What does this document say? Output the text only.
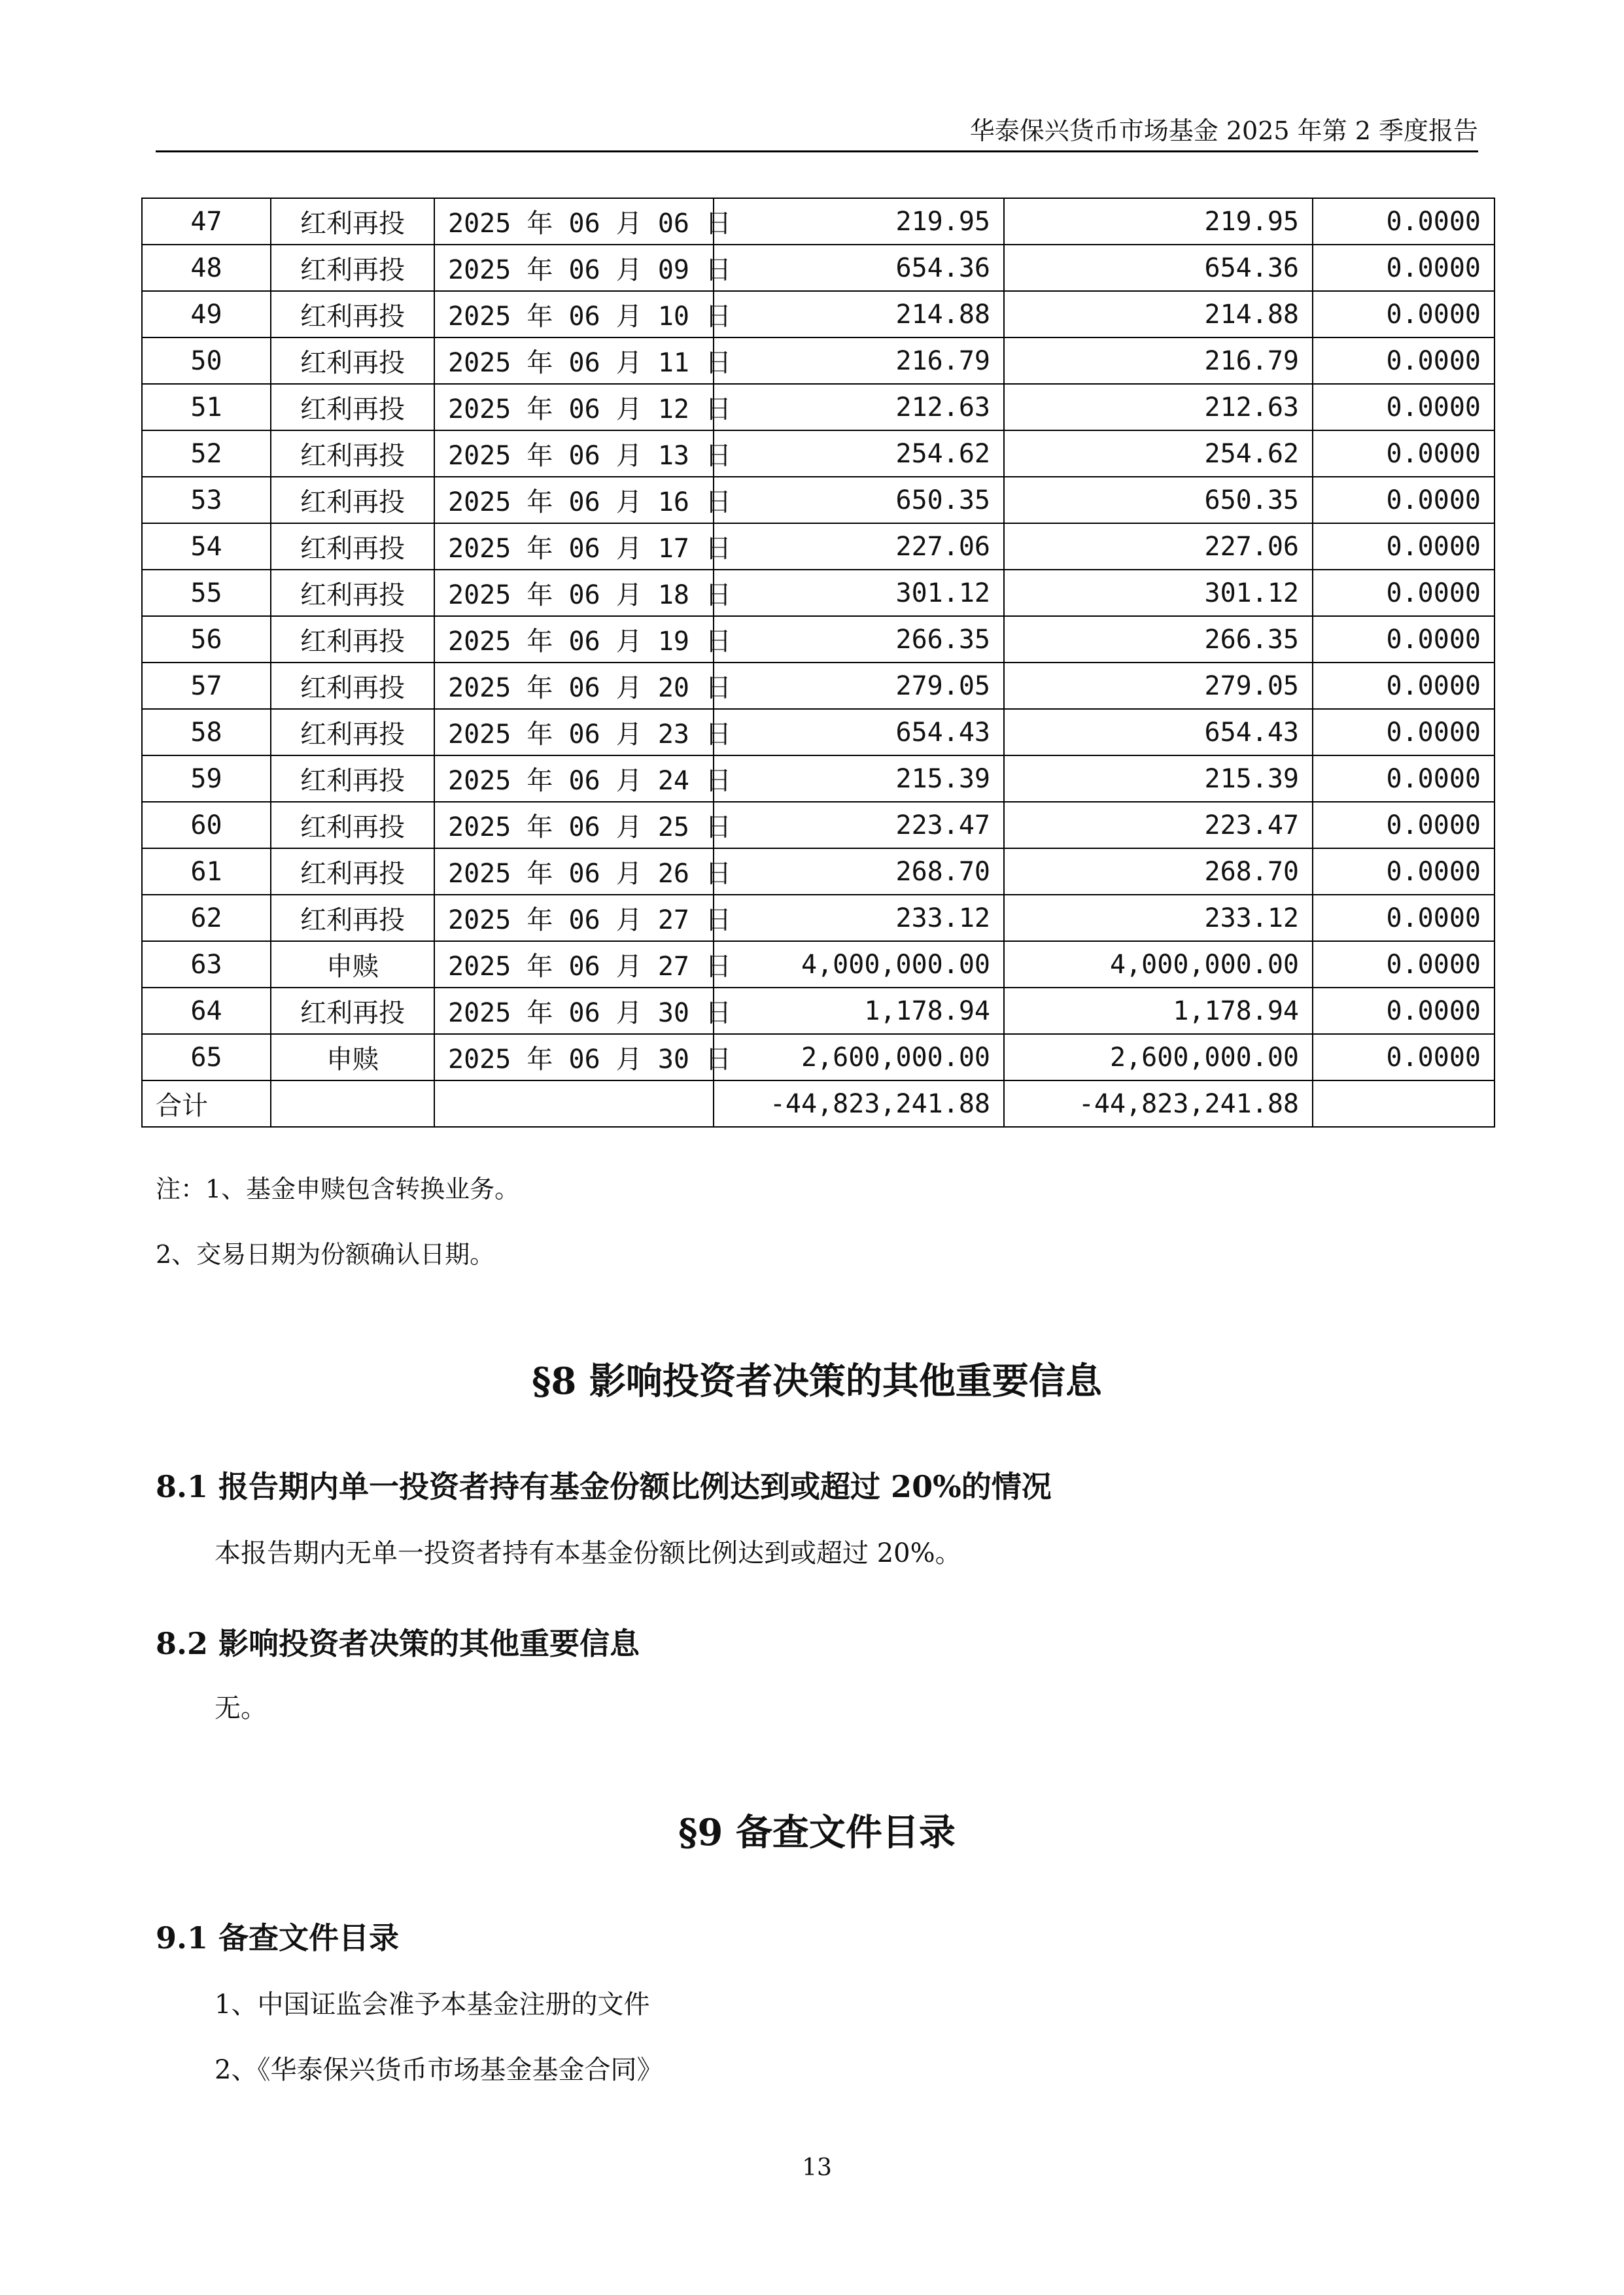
华泰保兴货币市场基金 2025 年第 2 季度报告
47	红利再投	2025 年 06 月 06 日	219.95	219.95	0.0000
48	红利再投	2025 年 06 月 09 日	654.36	654.36	0.0000
49	红利再投	2025 年 06 月 10 日	214.88	214.88	0.0000
50	红利再投	2025 年 06 月 11 日	216.79	216.79	0.0000
51	红利再投	2025 年 06 月 12 日	212.63	212.63	0.0000
52	红利再投	2025 年 06 月 13 日	254.62	254.62	0.0000
53	红利再投	2025 年 06 月 16 日	650.35	650.35	0.0000
54	红利再投	2025 年 06 月 17 日	227.06	227.06	0.0000
55	红利再投	2025 年 06 月 18 日	301.12	301.12	0.0000
56	红利再投	2025 年 06 月 19 日	266.35	266.35	0.0000
57	红利再投	2025 年 06 月 20 日	279.05	279.05	0.0000
58	红利再投	2025 年 06 月 23 日	654.43	654.43	0.0000
59	红利再投	2025 年 06 月 24 日	215.39	215.39	0.0000
60	红利再投	2025 年 06 月 25 日	223.47	223.47	0.0000
61	红利再投	2025 年 06 月 26 日	268.70	268.70	0.0000
62	红利再投	2025 年 06 月 27 日	233.12	233.12	0.0000
63	申赎	2025 年 06 月 27 日	4,000,000.00	4,000,000.00	0.0000
64	红利再投	2025 年 06 月 30 日	1,178.94	1,178.94	0.0000
65	申赎	2025 年 06 月 30 日	2,600,000.00	2,600,000.00	0.0000
合计			-44,823,241.88	-44,823,241.88	
注：1、基金申赎包含转换业务。
2、交易日期为份额确认日期。
§8 影响投资者决策的其他重要信息
8.1 报告期内单一投资者持有基金份额比例达到或超过 20%的情况
本报告期内无单一投资者持有本基金份额比例达到或超过 20%。
8.2 影响投资者决策的其他重要信息
无。
§9 备查文件目录
9.1 备查文件目录
1、中国证监会准予本基金注册的文件
2、《华泰保兴货币市场基金基金合同》
13
